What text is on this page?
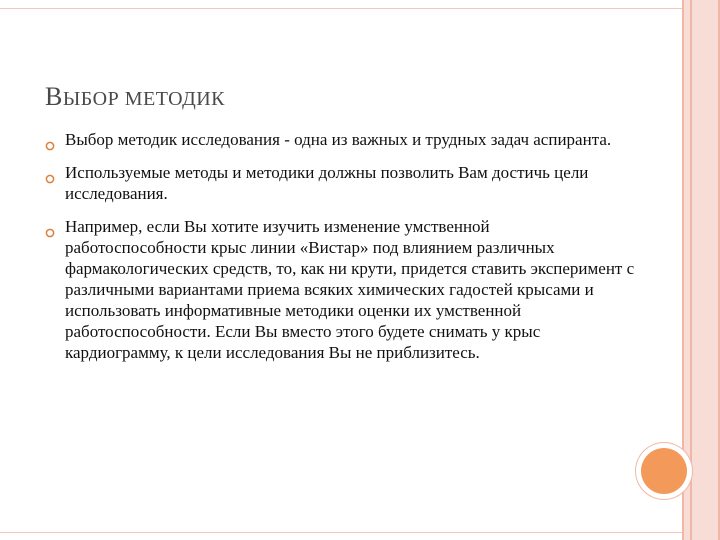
ВЫБОР МЕТОДИК
Выбор методик исследования - одна из важных и трудных задач аспиранта.
Используемые методы и методики должны позволить Вам достичь цели исследования.
Например, если Вы хотите изучить изменение умственной работоспособности крыс линии «Вистар» под влиянием различных фармакологических средств, то, как ни крути, придется ставить эксперимент с различными вариантами приема всяких химических гадостей крысами и использовать информативные методики оценки их умственной работоспособности. Если Вы вместо этого будете снимать у крыс кардиограмму, к цели исследования Вы не приблизитесь.
